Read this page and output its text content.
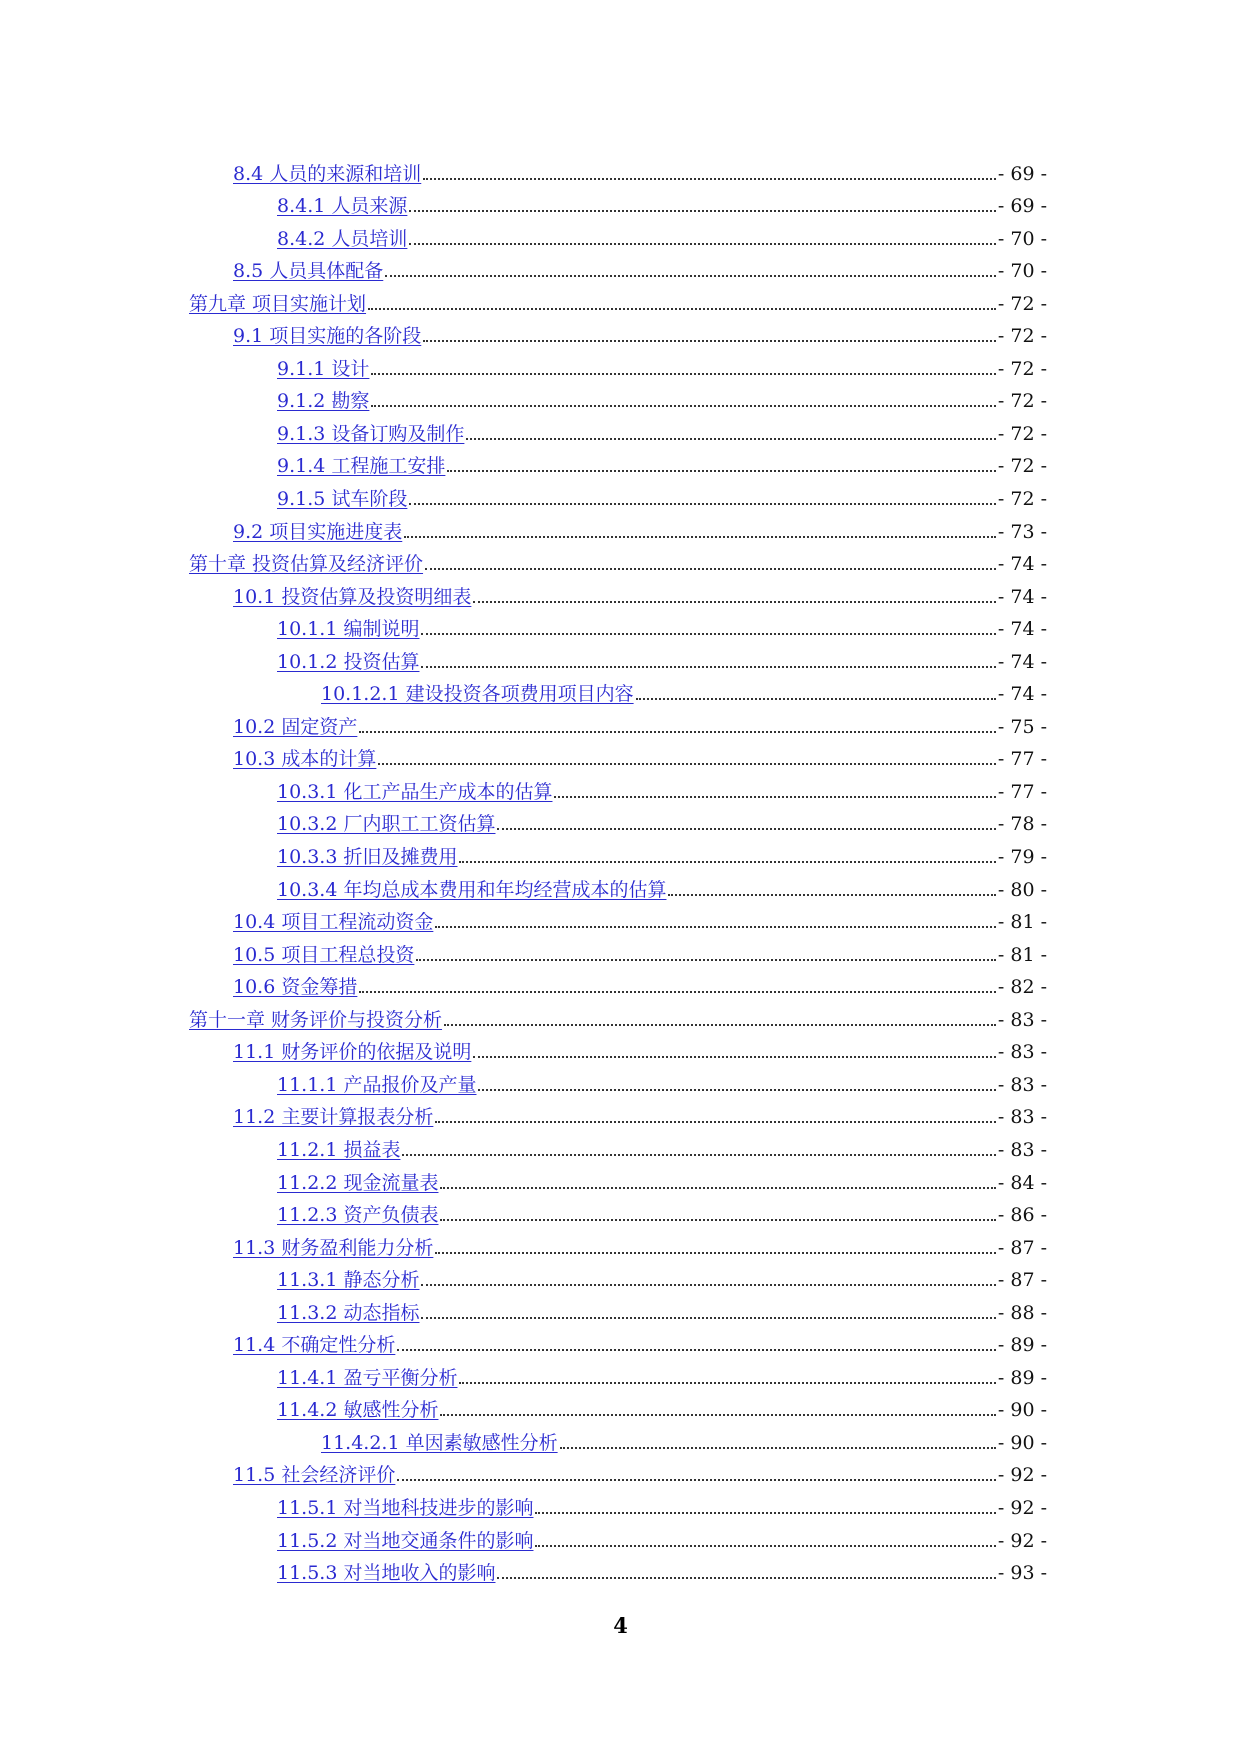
8.4 人员的来源和培训	- 69 -
8.4.1 人员来源	- 69 -
8.4.2 人员培训	- 70 -
8.5 人员具体配备	- 70 -
第九章 项目实施计划	- 72 -
9.1 项目实施的各阶段	- 72 -
9.1.1 设计	- 72 -
9.1.2 勘察	- 72 -
9.1.3 设备订购及制作	- 72 -
9.1.4 工程施工安排	- 72 -
9.1.5 试车阶段	- 72 -
9.2 项目实施进度表	- 73 -
第十章 投资估算及经济评价	- 74 -
10.1 投资估算及投资明细表	- 74 -
10.1.1 编制说明	- 74 -
10.1.2 投资估算	- 74 -
10.1.2.1 建设投资各项费用项目内容	- 74 -
10.2 固定资产	- 75 -
10.3 成本的计算	- 77 -
10.3.1 化工产品生产成本的估算	- 77 -
10.3.2 厂内职工工资估算	- 78 -
10.3.3 折旧及摊费用	- 79 -
10.3.4 年均总成本费用和年均经营成本的估算	- 80 -
10.4 项目工程流动资金	- 81 -
10.5 项目工程总投资	- 81 -
10.6 资金筹措	- 82 -
第十一章 财务评价与投资分析	- 83 -
11.1 财务评价的依据及说明	- 83 -
11.1.1 产品报价及产量	- 83 -
11.2 主要计算报表分析	- 83 -
11.2.1 损益表	- 83 -
11.2.2 现金流量表	- 84 -
11.2.3 资产负债表	- 86 -
11.3 财务盈利能力分析	- 87 -
11.3.1 静态分析	- 87 -
11.3.2 动态指标	- 88 -
11.4 不确定性分析	- 89 -
11.4.1 盈亏平衡分析	- 89 -
11.4.2 敏感性分析	- 90 -
11.4.2.1 单因素敏感性分析	- 90 -
11.5 社会经济评价	- 92 -
11.5.1 对当地科技进步的影响	- 92 -
11.5.2 对当地交通条件的影响	- 92 -
11.5.3 对当地收入的影响	- 93 -
4
